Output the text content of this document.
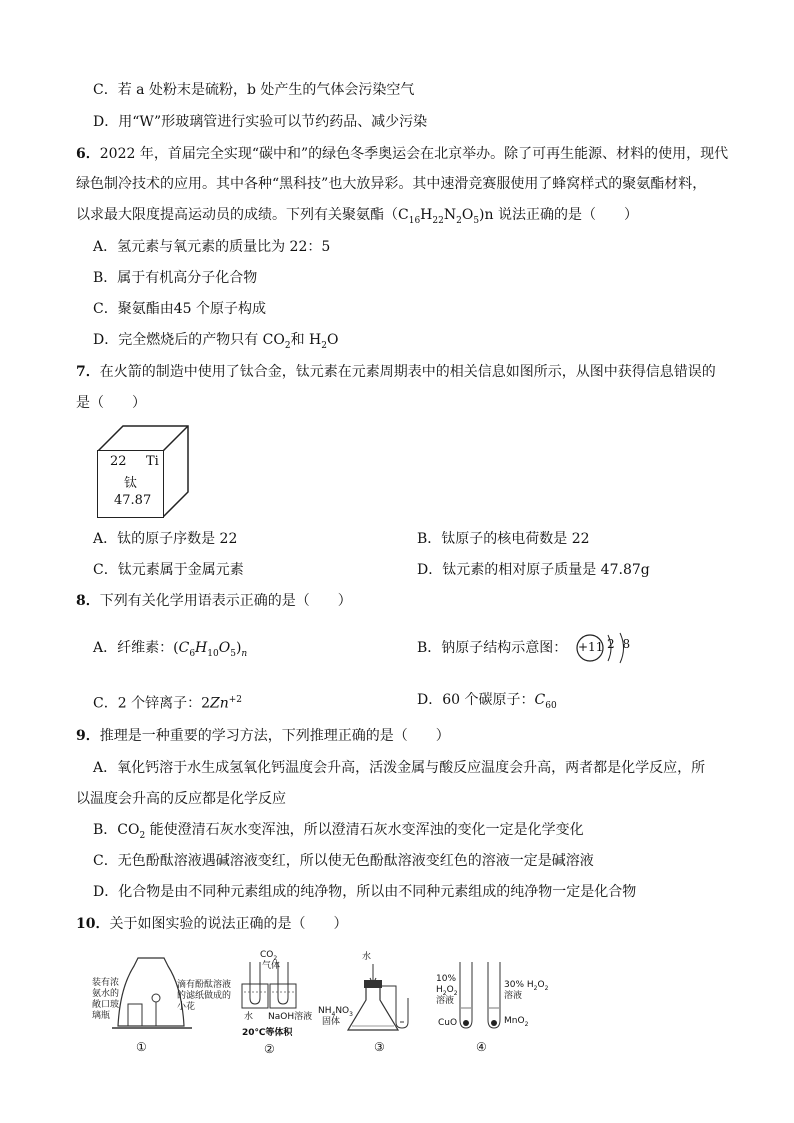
C．若 a 处粉末是硫粉，b 处产生的气体会污染空气
D．用“W”形玻璃管进行实验可以节约药品、减少污染
6．2022 年，首届完全实现“碳中和”的绿色冬季奥运会在北京举办。除了可再生能源、材料的使用，现代
绿色制冷技术的应用。其中各种“黑科技”也大放异彩。其中速滑竞赛服使用了蜂窝样式的聚氨酯材料，
以求最大限度提高运动员的成绩。下列有关聚氨酯$(C_{16}H_{22}N_2O_5)n$ 说法正确的是（　　）
A．氢元素与氧元素的质量比为 22：5
B．属于有机高分子化合物
C．聚氨酯由45 个原子构成
D．完全燃烧后的产物只有 $CO_2$和 $H_2O$
7．在火箭的制造中使用了钛合金，钛元素在元素周期表中的相关信息如图所示，从图中获得信息错误的
是（　　）
22 Ti
钛
47.87
A．钛的原子序数是 22	B．钛原子的核电荷数是 22
C．钛元素属于金属元素	D．钛元素的相对原子质量是 47.87g
8．下列有关化学用语表示正确的是（　　）
A．纤维素：$(C_6H_{10}O_5)_n$	B．钠原子结构示意图： +11 2 8
C．2 个锌离子：$2Zn^{+2}$	D．60 个碳原子：$C_{60}$
9．推理是一种重要的学习方法，下列推理正确的是（　　）
A．氧化钙溶于水生成氢氧化钙温度会升高，活泼金属与酸反应温度会升高，两者都是化学反应，所
以温度会升高的反应都是化学反应
B．$CO_2$ 能使澄清石灰水变浑浊，所以澄清石灰水变浑浊的变化一定是化学变化
C．无色酚酞溶液遇碱溶液变红，所以使无色酚酞溶液变红色的溶液一定是碱溶液
D．化合物是由不同种元素组成的纯净物，所以由不同种元素组成的纯净物一定是化合物
10．关于如图实验的说法正确的是（　　）
装有浓
氨水的
敞口玻
璃瓶
滴有酚酞溶液
的滤纸做成的
小花
①
$CO_2$
气体
水 NaOH溶液
20℃等体积
②
水
$NH_4NO_3$
固体
③
10%
$H_2O_2$
溶液
30% $H_2O_2$
溶液
CuO	MnO$_2$
④
